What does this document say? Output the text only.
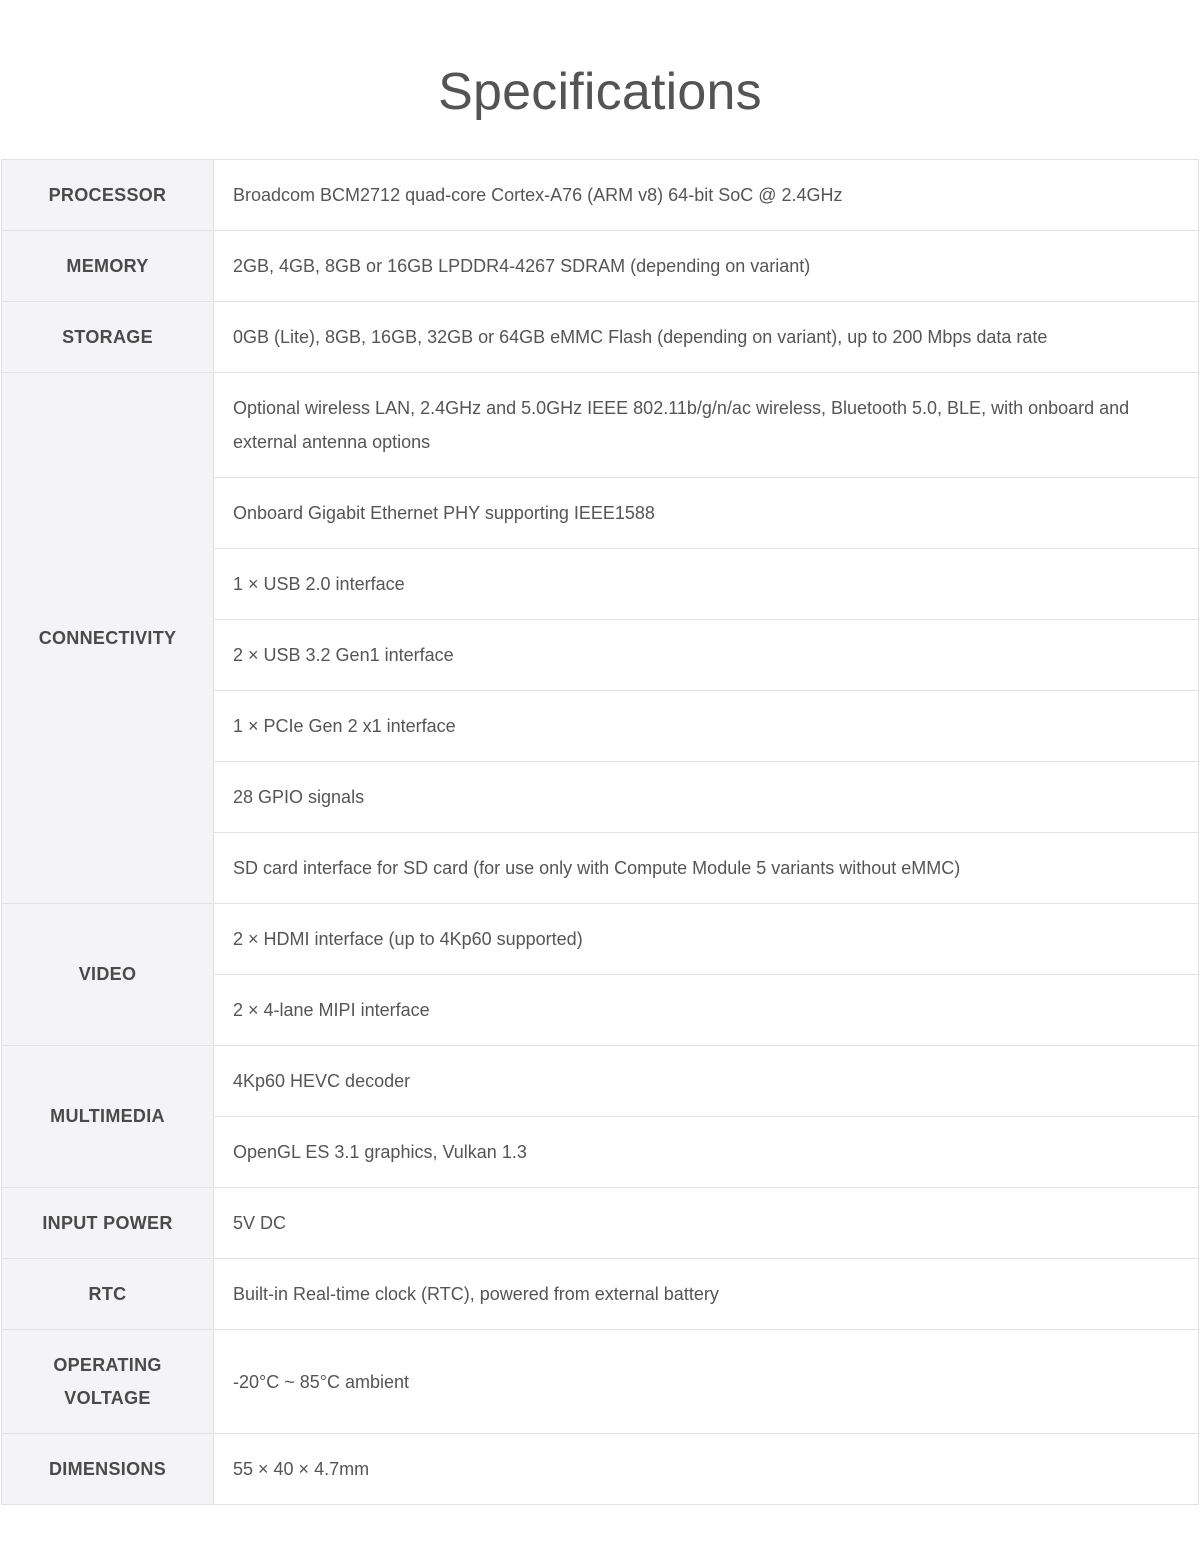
Specifications
PROCESSOR	Broadcom BCM2712 quad-core Cortex-A76 (ARM v8) 64-bit SoC @ 2.4GHz
MEMORY	2GB, 4GB, 8GB or 16GB LPDDR4-4267 SDRAM (depending on variant)
STORAGE	0GB (Lite), 8GB, 16GB, 32GB or 64GB eMMC Flash (depending on variant), up to 200 Mbps data rate
CONNECTIVITY	Optional wireless LAN, 2.4GHz and 5.0GHz IEEE 802.11b/g/n/ac wireless, Bluetooth 5.0, BLE, with onboard and external antenna options
	Onboard Gigabit Ethernet PHY supporting IEEE1588
	1 × USB 2.0 interface
	2 × USB 3.2 Gen1 interface
	1 × PCIe Gen 2 x1 interface
	28 GPIO signals
	SD card interface for SD card (for use only with Compute Module 5 variants without eMMC)
VIDEO	2 × HDMI interface (up to 4Kp60 supported)
	2 × 4-lane MIPI interface
MULTIMEDIA	4Kp60 HEVC decoder
	OpenGL ES 3.1 graphics, Vulkan 1.3
INPUT POWER	5V DC
RTC	Built-in Real-time clock (RTC), powered from external battery
OPERATING VOLTAGE	-20°C ~ 85°C ambient
DIMENSIONS	55 × 40 × 4.7mm
